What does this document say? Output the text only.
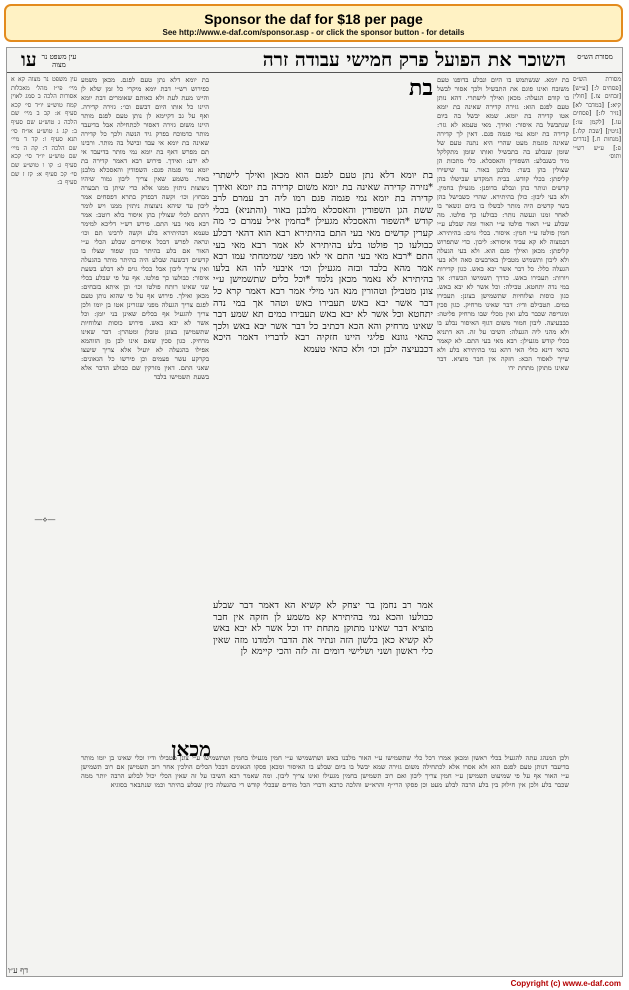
Sponsor the daf for $18 per page
See http://www.e-daf.com/sponsor.asp - or click the sponsor button - for details
עו עין משפט נר מצוה	השוכר את הפועל פרק חמישי עבודה זרה	מסורת הש״ס
מסורת הש״ס [פסחים ל:] [ע״ש] [זבחים צז.] [חולין קיא:] [במדבר לא] [נזיר לז:] [פסחים עו.] [לקמן עו:] [גיטין] [שבת קלז.] [מנחות ח.] [נדרים פ:] ע״ש רש״י ותוס׳
בת יומא. שנשתמש בו היום ונבלע בדופנו טעם משובח ואינו פוגם את התבשיל ולכך אסור לבשל בו קודם הגעלה: מכאן ואילך לישתרי. דהא נותן טעם לפגם הוא: גזירה קדירה שאינה בת יומא אטו קדירה בת יומא. שמא יבשל בה ביום שנתבשל בה איסור: ואידך. מאי טעמא לא גזר: קדירה בת יומא נמי פגמה פגם. דאין לך קדירה שאינה פוגמת מעט שהרי היא נתנה טעם של שומן שנבלע בה בתבשיל ואותו שומן מתקלקל מיד כשנבלע: השפודין והאסכלא. כלי מתכות הן שצולין בהן בשר: מלבנן באור. עד שישירו קליפתן: בכלי קודש. בבית המקדש שבישלו בהן קדשים ונותר בהן ונבלע בדופנן: מגעילן בחמין. ולא בעי ליבון: כולן בהיתירא. שהרי כשבישל בהן בשר קדשים היה מותר לבשלו בו ביום ונשאר בו לאחר זמנו ונעשה נותר: כבולעו כך פולטו. מה שבלע ע״י האור פולטו ע״י האור ומה שבלע ע״י חמין פולטו ע״י חמין: איסור. בכלי גוים: בהיתירא. דבמצוה לא קא עביד איסורא: ליבון. כדי שתפרוש קליפתן: מכאן ואילך פגם הוא. ולא בעי הגעלה ולא ליבון ותשמיש מטבילן בארבעים סאה ולא בעי הגעלה כלל: כל דבר אשר יבא באש. כגון קדירות ויורות: תעבירו באש. כדרך תשמישו הכשרו: אך במי נדה יתחטא. טבילה: וכל אשר לא יבא באש. כגון כוסות וצלוחיות שתשמישן בצונן: תעבירו במים. תטבילם ודיו: דבר שאינו מרחיק. כגון סכין ומגריפה שכבר בלע ואין מכלי שבו מרחיק פליטה: כבבעיצה. ליבון חמור משום דגוף האיסור נבלע בו ולא מהני ליה הגעלה: השיבו על זה. הא דתניא בכלי קודש מגעילן: רבא מאי בעי התם. לא קאמר בהאי דינא כולי האי דהא נמי בהיתירא בלע ולא שייך לאסור הכא: חזקה אין חבר מוציא. דבר שאינו מתוקן מתחת ידו
בת
בת יומא דלא נתן טעם לפגם הוא מכאן ואילך לישתרי *נזירה קדירה שאינה בת יומא משום קדירה בת יומא ואידך קדירה בת יומא נמי פגמה פגם רמו ליה רב עמרם לרב ששת הגן השפודין והאסכלא מלבנן באור (והתניא) בכלי קודש *השפוד והאסכלא מגעילן *בחמין א״ל עמרם כי מה קערין קדשים מאי בעי התם בהיתירא רבא הוא דהאי דבלע כבולעו כך פולטו בלע בהיתירא לא אמר רבא מאי בעי התם *רבא מאי בעי התם אי לאו מפני שמימחתי עמו רבא אמר מהא בלבד ובזה מגעילן וכו׳ איבעי להו הא בלעו בהיתירא לא נאמר מכאן נלמד *וכל כלים שתשמישן ע״י צונן מטבילן וטהורין מנא הני מילי אמר רבא דאמר קרא כל דבר אשר יבא באש תעבירו באש וטהר אך במי נדה יתחטא וכל אשר לא יבא באש תעבירו במים תא שמע דבר שאינו מרחיק והא הכא דכתיב כל דבר אשר יבא באש ולכך כהאי גוונא פליגי היינו חזקיה רבא לדבריו דאמר היכא דכבעיצה ילבן וכו׳ ולא כהאי טעמא
אמר רב נחמן בר יצחק לא קשיא הא דאמר דבר שבלע כבולעו והכא נמי בהיתירא קא משמע לן חזקה אין חבר מוציא דבר שאינו מתוקן מתחת ידו וכל אשר לא יבא באש לא קשיא כאן בלשון הזה ונתיר את הדבר ולמדנו מזה שאין כלי ראשון ושני ושלישי דומים זה לזה והכי קיימא לן
בת יומא דלא נתן טעם לפגם. מכאן משמע כפירוש רש״י דבת יומא מיקרי כל זמן שלא לן והיינו מעת לעת ולא כאותם שאומרים דבת יומא היינו כל אותו היום דבשם וכו׳: גזירה קדירה. ואף על גב דקיימא לן נותן טעם לפגם מותר היינו משום גזירה דאסור לכתחילה אבל בדיעבד מותר כדמוכח בפרק גיד הנשה ולכך כל קדירה שאינה בת יומא אי עבד ובישל בה מותר. ורבינו תם מפרש דאף בת יומא נמי מותר בדיעבד אי לא ידע: ואידך. פירוש רבא דאמר קדירה בת יומא נמי פגמה פגם: השפודין והאסכלא מלבנן באור. משמע שאין צריך ליבון גמור שיהיו ניצוצות ניתזין ממנו אלא כדי שיתן בו תבערה מבחוץ וכו׳ וקשה דבפרק בתרא דפסחים אמר ליבון עד שיהא ניצוצות ניתזין ממנו ויש לומר דהתם לכלי שצולין בהן איסור בלא רוטב: אמר רבא מאי בעי התם. פירש רש״י דליכא למימר טעמא דבהיתירא בלע וקשה לרבינו תם וכו׳ ונראה לפרש דבכל איסורים שבלע הכלי ע״י האור אם בלע בהיתר כגון שפוד שצלו בו קדשים דבשעה שבלע היה בהיתר מותר בהגעלה ואין צריך ליבון אבל בכלי גוים לא דבלע בשעת איסור: כבולעו כך פולטו. אף על פי שבלע בכלי שני שאינו רותח פולטו וכו׳ וכן איתא בזבחים: מכאן ואילך. פירוש אף על פי שהוא נותן טעם לפגם צריך הגעלה מפני שגזרינן אטו בן יומו ולכן צריך להגעיל אף בכלים שאינן בני יומן: וכל אשר לא יבא באש. פירוש כוסות וצלוחיות שתשמישן בצונן טובלן ומטהרן: דבר שאינו מרחיק. כגון סכין שאם אינו לבן מן הזוהמא אפילו בהגעלה לא יועיל אלא צריך שיעצו בקרקע עשר פעמים וכן פירשו כל הגאונים: שאני התם. דאין מזרקין שם כבולע הדבר אלא בשעת תשמישו בלבד
עין משפט נר מצוה קא א מיי׳ פי״ז מהל׳ מאכלות אסורות הלכה ב סמג לאוין קמח טוש״ע יו״ד סי׳ קכא סעיף א: קב ב מיי׳ שם הלכה ג טוש״ע שם סעיף ב: קג ג טוש״ע או״ח סי׳ תנא סעיף ו: קד ד מיי׳ שם הלכה ד: קה ה מיי׳ שם טוש״ע יו״ד סי׳ קכא סעיף ג: קו ו טוש״ע שם סי׳ קכ סעיף א: קז ז שם סעיף ב:
—⟡—
מכאן
ולכן המנהג עתה להגעיל בכלי ראשון ומכאן אמרו דכל כלי שתשמישו ע״י האור מלבנו באש ושתשמישו ע״י חמין מגעילו בחמין ושתשמישו ע״י צונן מטבילו ודיו וכלי שאינו בן יומו מותר בדיעבד דנותן טעם לפגם הוא ולא אסרו אלא לכתחילה משום גזירה שמא יבשל בו ביום שבלע בו האיסור ומכאן פסקו הגאונים דבכל הכלים הולכין אחר רוב תשמישן אם רוב תשמישן ע״י האור אף על פי שמיעוט תשמישן ע״י חמין צריך ליבון ואם רוב תשמישן בחמין מגעילו ואינו צריך ליבון. ומה שאמר רבא השיבו על זה שאין הכלי יכול לבלוע הרבה יותר ממה שכבר בלע ולכן אין חילוק בין בלע הרבה לבלע מעט וכן פסקו הרי״ף והרא״ש והלכה כרבא ודברי הכל מודים שבכלי קודש די בהגעלה כיון שבלע בהיתר וכמו שנתבאר בסוגיא
דף ע״ו
Copyright (c) www.e-daf.com
